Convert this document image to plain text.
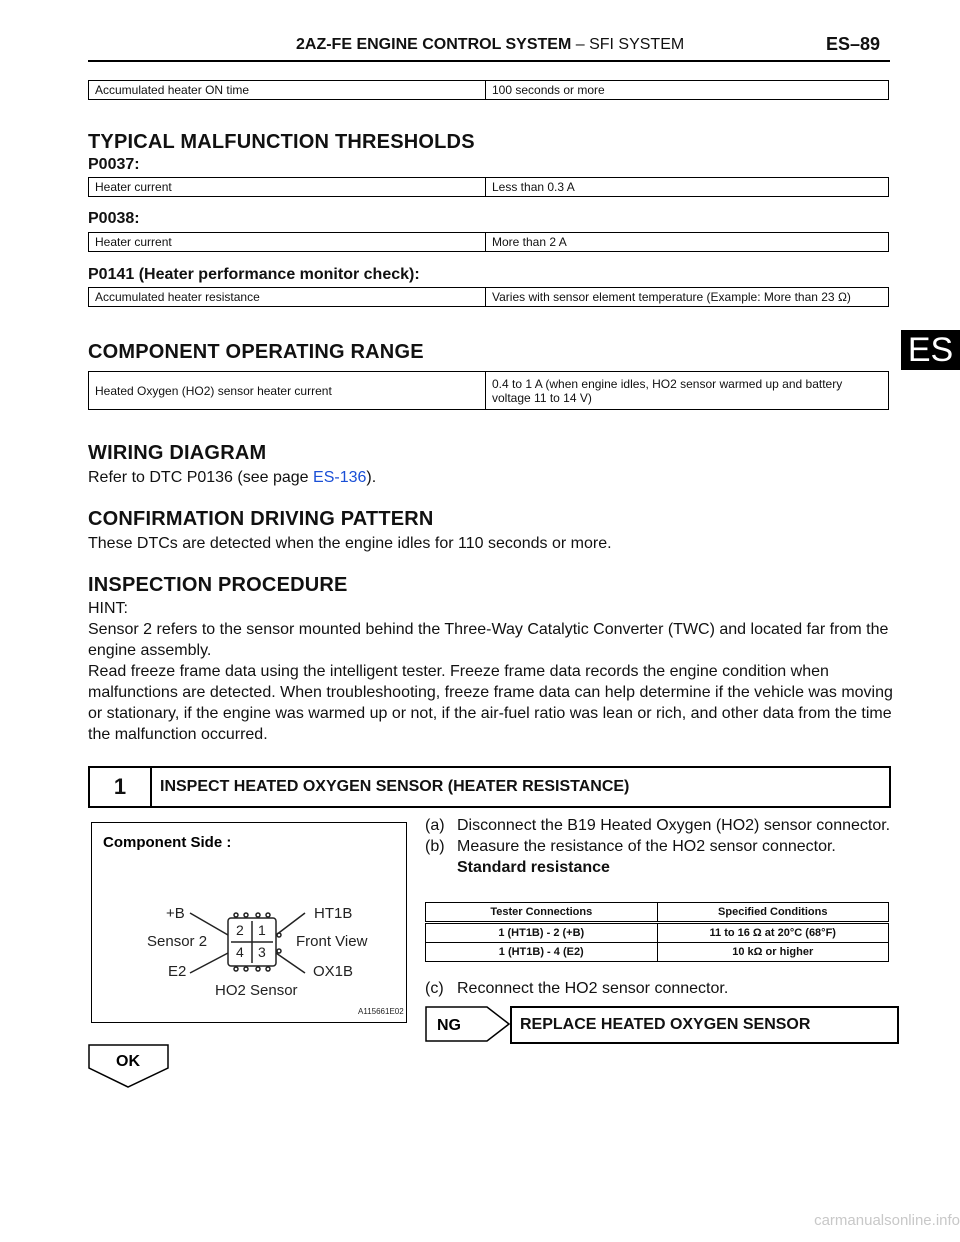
2AZ-FE ENGINE CONTROL SYSTEM – SFI SYSTEM	ES–89
ES
Accumulated heater ON time	100 seconds or more
TYPICAL MALFUNCTION THRESHOLDS
P0037:
Heater current	Less than 0.3 A
P0038:
Heater current	More than 2 A
P0141 (Heater performance monitor check):
Accumulated heater resistance	Varies with sensor element temperature (Example: More than 23 Ω)
COMPONENT OPERATING RANGE
Heated Oxygen (HO2) sensor heater current	0.4 to 1 A (when engine idles, HO2 sensor warmed up and battery voltage 11 to 14 V)
WIRING DIAGRAM
Refer to DTC P0136 (see page ES-136).
CONFIRMATION DRIVING PATTERN
These DTCs are detected when the engine idles for 110 seconds or more.
INSPECTION PROCEDURE
HINT:
Sensor 2 refers to the sensor mounted behind the Three-Way Catalytic Converter (TWC) and located far from the engine assembly.
Read freeze frame data using the intelligent tester. Freeze frame data records the engine condition when malfunctions are detected. When troubleshooting, freeze frame data can help determine if the vehicle was moving or stationary, if the engine was warmed up or not, if the air-fuel ratio was lean or rich, and other data from the time the malfunction occurred.
1	INSPECT HEATED OXYGEN SENSOR (HEATER RESISTANCE)
Component Side :
2 1
4 3
+B	HT1B
Sensor 2	Front View
E2	OX1B
HO2 Sensor
A115661E02
(a) Disconnect the B19 Heated Oxygen (HO2) sensor connector.
(b) Measure the resistance of the HO2 sensor connector.
Standard resistance
Tester Connections	Specified Conditions
1 (HT1B) - 2 (+B)	11 to 16 Ω at 20°C (68°F)
1 (HT1B) - 4 (E2)	10 kΩ or higher
(c) Reconnect the HO2 sensor connector.
NG	REPLACE HEATED OXYGEN SENSOR
OK
carmanualsonline.info
